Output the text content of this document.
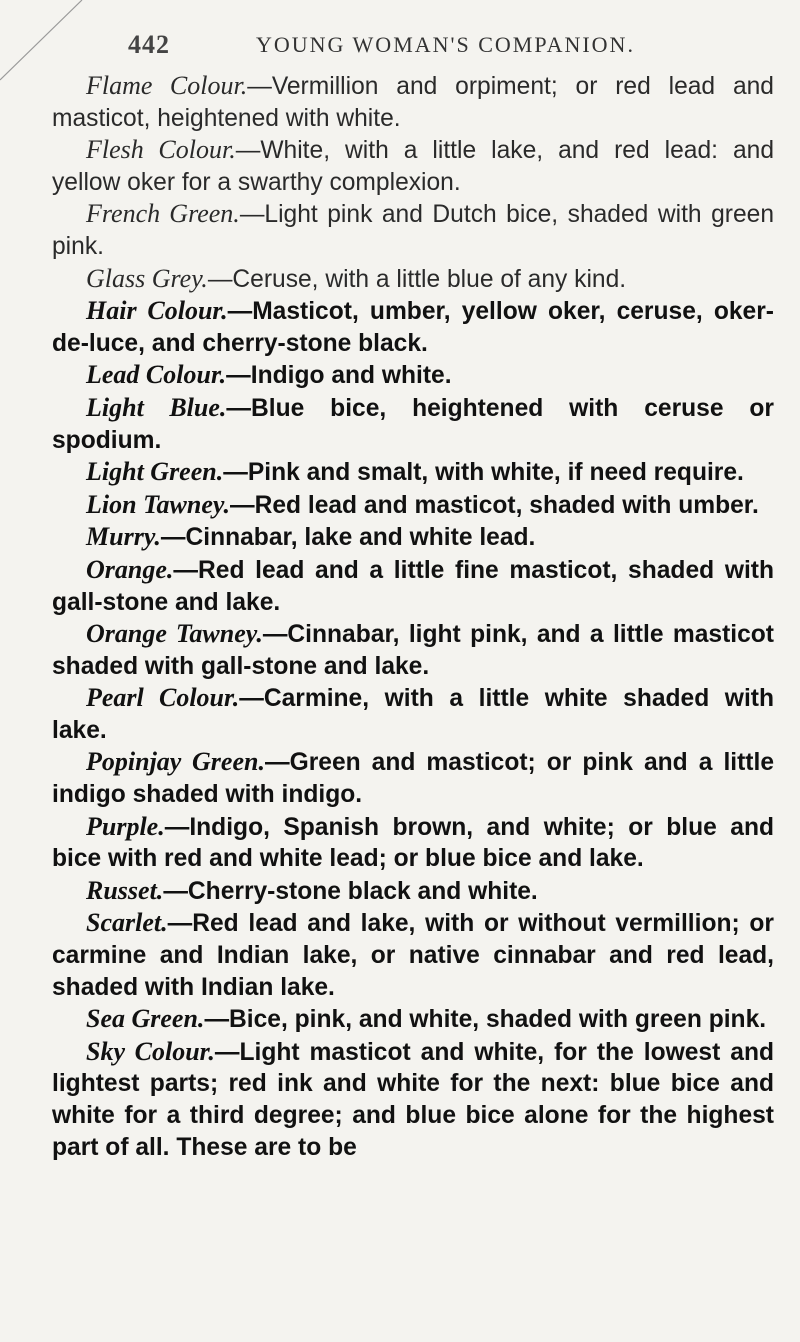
442	YOUNG WOMAN'S COMPANION.

Flame Colour.—Vermillion and orpiment; or red lead and masticot, heightened with white.

Flesh Colour.—White, with a little lake, and red lead: and yellow oker for a swarthy complexion.

French Green.—Light pink and Dutch bice, shaded with green pink.

Glass Grey.—Ceruse, with a little blue of any kind.

Hair Colour.—Masticot, umber, yellow oker, ceruse, oker-de-luce, and cherry-stone black.

Lead Colour.—Indigo and white.

Light Blue.—Blue bice, heightened with ceruse or spodium.

Light Green.—Pink and smalt, with white, if need require.

Lion Tawney.—Red lead and masticot, shaded with umber.

Murry.—Cinnabar, lake and white lead.

Orange.—Red lead and a little fine masticot, shaded with gall-stone and lake.

Orange Tawney.—Cinnabar, light pink, and a little masticot shaded with gall-stone and lake.

Pearl Colour.—Carmine, with a little white shaded with lake.

Popinjay Green.—Green and masticot; or pink and a little indigo shaded with indigo.

Purple.—Indigo, Spanish brown, and white; or blue and bice with red and white lead; or blue bice and lake.

Russet.—Cherry-stone black and white.

Scarlet.—Red lead and lake, with or without vermillion; or carmine and Indian lake, or native cinnabar and red lead, shaded with Indian lake.

Sea Green.—Bice, pink, and white, shaded with green pink.

Sky Colour.—Light masticot and white, for the lowest and lightest parts; red ink and white for the next: blue bice and white for a third degree; and blue bice alone for the highest part of all. These are to be
